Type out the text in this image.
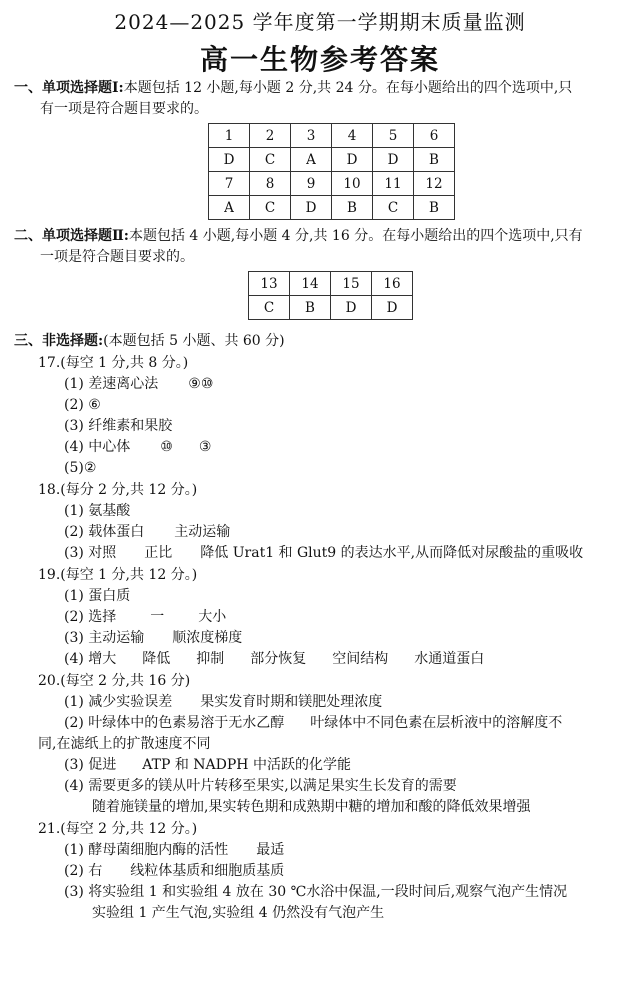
2024—2025 学年度第一学期期末质量监测
高一生物参考答案
一、单项选择题Ⅰ:本题包括 12 小题,每小题 2 分,共 24 分。在每小题给出的四个选项中,只
有一项是符合题目要求的。
1	2	3	4	5	6
D	C	A	D	D	B
7	8	9	10	11	12
A	C	D	B	C	B
二、单项选择题Ⅱ:本题包括 4 小题,每小题 4 分,共 16 分。在每小题给出的四个选项中,只有
一项是符合题目要求的。
13	14	15	16
C	B	D	D
三、非选择题:(本题包括 5 小题、共 60 分)
17.(每空 1 分,共 8 分。)
(1) 差速离心法 ⑨⑩
(2) ⑥
(3) 纤维素和果胶
(4) 中心体 ⑩ ③
(5)②
18.(每分 2 分,共 12 分。)
(1) 氨基酸
(2) 载体蛋白 主动运输
(3) 对照 正比 降低 Urat1 和 Glut9 的表达水平,从而降低对尿酸盐的重吸收
19.(每空 1 分,共 12 分。)
(1) 蛋白质
(2) 选择 一 大小
(3) 主动运输 顺浓度梯度
(4) 增大 降低 抑制 部分恢复 空间结构 水通道蛋白
20.(每空 2 分,共 16 分)
(1) 减少实验误差 果实发育时期和镁肥处理浓度
(2) 叶绿体中的色素易溶于无水乙醇 叶绿体中不同色素在层析液中的溶解度不
同,在滤纸上的扩散速度不同
(3) 促进 ATP 和 NADPH 中活跃的化学能
(4) 需要更多的镁从叶片转移至果实,以满足果实生长发育的需要
随着施镁量的增加,果实转色期和成熟期中糖的增加和酸的降低效果增强
21.(每空 2 分,共 12 分。)
(1) 酵母菌细胞内酶的活性 最适
(2) 右 线粒体基质和细胞质基质
(3) 将实验组 1 和实验组 4 放在 30 ℃水浴中保温,一段时间后,观察气泡产生情况
实验组 1 产生气泡,实验组 4 仍然没有气泡产生
